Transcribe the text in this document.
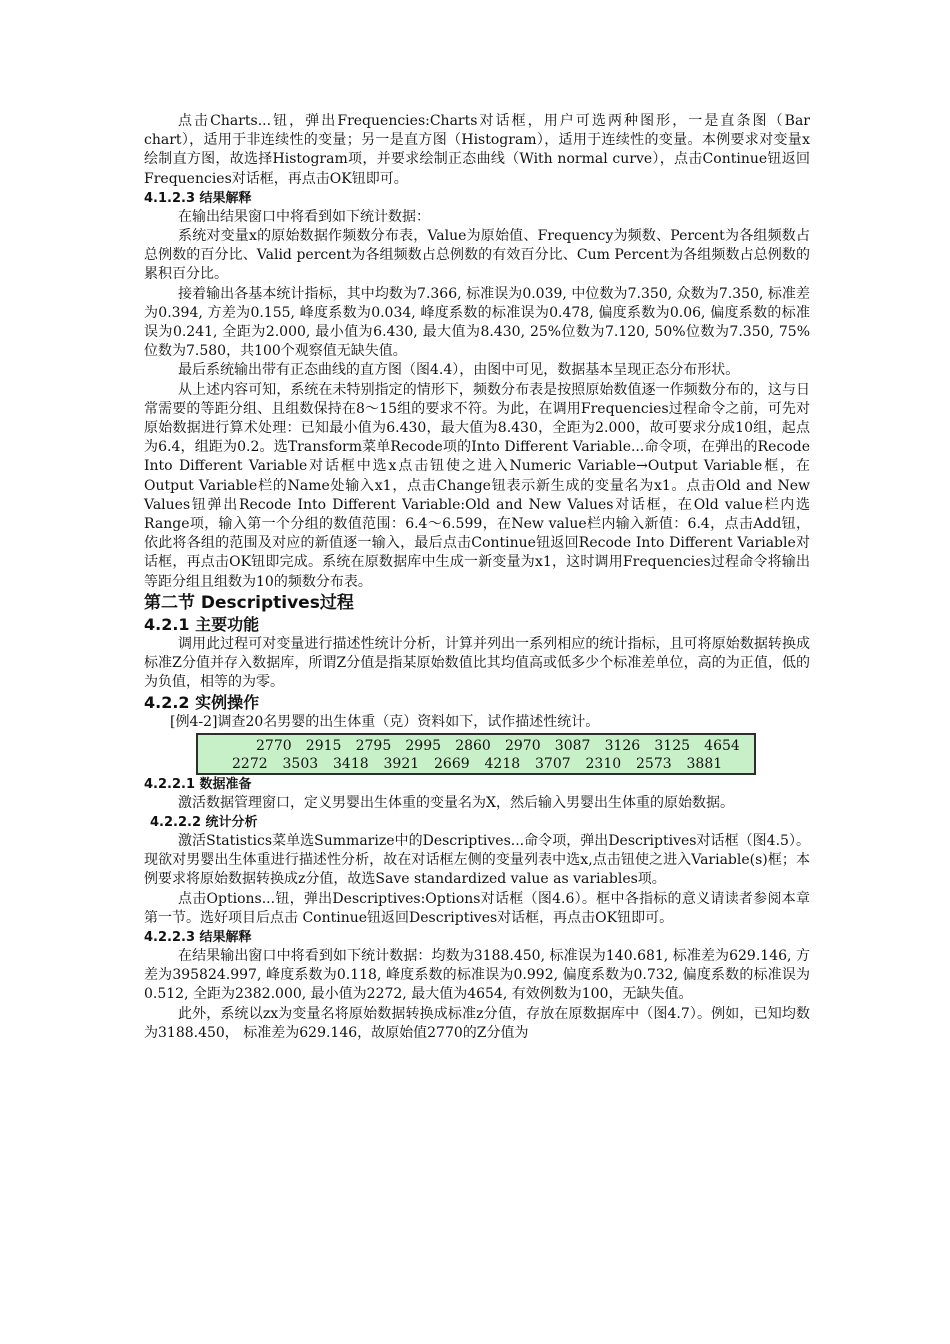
点击Charts...钮，弹出Frequencies:Charts对话框，用户可选两种图形，一是直条图（Bar chart），适用于非连续性的变量；另一是直方图（Histogram），适用于连续性的变量。本例要求对变量x绘制直方图，故选择Histogram项，并要求绘制正态曲线（With normal curve），点击Continue钮返回Frequencies对话框，再点击OK钮即可。

4.1.2.3 结果解释

在输出结果窗口中将看到如下统计数据：

系统对变量x的原始数据作频数分布表，Value为原始值、Frequency为频数、Percent为各组频数占总例数的百分比、Valid percent为各组频数占总例数的有效百分比、Cum Percent为各组频数占总例数的累积百分比。

接着输出各基本统计指标，其中均数为7.366, 标准误为0.039, 中位数为7.350, 众数为7.350, 标准差为0.394, 方差为0.155, 峰度系数为0.034, 峰度系数的标准误为0.478, 偏度系数为0.06, 偏度系数的标准误为0.241, 全距为2.000, 最小值为6.430, 最大值为8.430, 25%位数为7.120, 50%位数为7.350, 75%位数为7.580，共100个观察值无缺失值。

最后系统输出带有正态曲线的直方图（图4.4），由图中可见，数据基本呈现正态分布形状。

从上述内容可知，系统在未特别指定的情形下，频数分布表是按照原始数值逐一作频数分布的，这与日常需要的等距分组、且组数保持在8～15组的要求不符。为此，在调用Frequencies过程命令之前，可先对原始数据进行算术处理：已知最小值为6.430，最大值为8.430，全距为2.000，故可要求分成10组，起点为6.4，组距为0.2。选Transform菜单Recode项的Into Different Variable...命令项，在弹出的Recode Into Different Variable对话框中选x点击钮使之进入Numeric Variable→Output Variable框，在Output Variable栏的Name处输入x1，点击Change钮表示新生成的变量名为x1。点击Old and New Values钮弹出Recode Into Different Variable:Old and New Values对话框，在Old value栏内选Range项，输入第一个分组的数值范围：6.4～6.599，在New value栏内输入新值：6.4，点击Add钮，依此将各组的范围及对应的新值逐一输入，最后点击Continue钮返回Recode Into Different Variable对话框，再点击OK钮即完成。系统在原数据库中生成一新变量为x1，这时调用Frequencies过程命令将输出等距分组且组数为10的频数分布表。

第二节 Descriptives过程

4.2.1 主要功能

调用此过程可对变量进行描述性统计分析，计算并列出一系列相应的统计指标，且可将原始数据转换成标准Z分值并存入数据库，所谓Z分值是指某原始数值比其均值高或低多少个标准差单位，高的为正值，低的为负值，相等的为零。

4.2.2 实例操作

[例4-2]调查20名男婴的出生体重（克）资料如下，试作描述性统计。

2770	2915	2795	2995	2860	2970	3087	3126	3125	4654
2272	3503	3418	3921	2669	4218	3707	2310	2573	3881

4.2.2.1 数据准备

激活数据管理窗口，定义男婴出生体重的变量名为X，然后输入男婴出生体重的原始数据。

4.2.2.2 统计分析

激活Statistics菜单选Summarize中的Descriptives...命令项，弹出Descriptives对话框（图4.5）。现欲对男婴出生体重进行描述性分析，故在对话框左侧的变量列表中选x,点击钮使之进入Variable(s)框；本例要求将原始数据转换成z分值，故选Save standardized value as variables项。

点击Options...钮，弹出Descriptives:Options对话框（图4.6）。框中各指标的意义请读者参阅本章第一节。选好项目后点击 Continue钮返回Descriptives对话框，再点击OK钮即可。

4.2.2.3 结果解释

在结果输出窗口中将看到如下统计数据：均数为3188.450, 标准误为140.681, 标准差为629.146, 方差为395824.997, 峰度系数为0.118, 峰度系数的标准误为0.992, 偏度系数为0.732, 偏度系数的标准误为0.512, 全距为2382.000, 最小值为2272, 最大值为4654, 有效例数为100，无缺失值。

此外，系统以zx为变量名将原始数据转换成标准z分值，存放在原数据库中（图4.7）。例如，已知均数为3188.450， 标准差为629.146，故原始值2770的Z分值为
